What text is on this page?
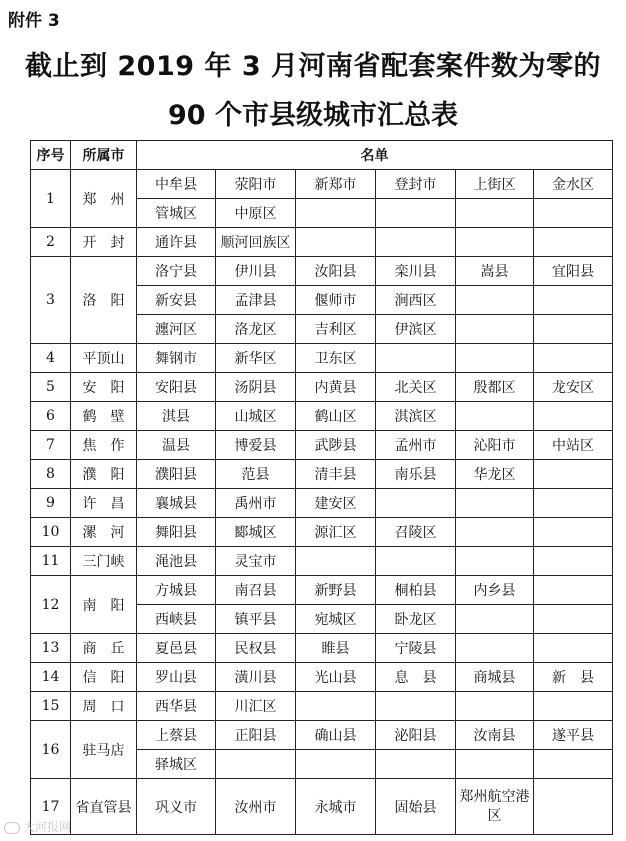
附件 3
截止到 2019 年 3 月河南省配套案件数为零的
90 个市县级城市汇总表
序号	所属市	名单					
1	郑　州	中牟县	荥阳市	新郑市	登封市	上街区	金水区
		管城区	中原区				
2	开　封	通许县	顺河回族区				
3	洛　阳	洛宁县	伊川县	汝阳县	栾川县	嵩县	宜阳县
		新安县	孟津县	偃师市	涧西区		
		瀍河区	洛龙区	吉利区	伊滨区		
4	平顶山	舞钢市	新华区	卫东区			
5	安　阳	安阳县	汤阴县	内黄县	北关区	殷都区	龙安区
6	鹤　壁	淇县	山城区	鹤山区	淇滨区		
7	焦　作	温县	博爱县	武陟县	孟州市	沁阳市	中站区
8	濮　阳	濮阳县	范县	清丰县	南乐县	华龙区	
9	许　昌	襄城县	禹州市	建安区			
10	漯　河	舞阳县	郾城区	源汇区	召陵区		
11	三门峡	渑池县	灵宝市				
12	南　阳	方城县	南召县	新野县	桐柏县	内乡县	
		西峡县	镇平县	宛城区	卧龙区		
13	商　丘	夏邑县	民权县	睢县	宁陵县		
14	信　阳	罗山县	潢川县	光山县	息　县	商城县	新　县
15	周　口	西华县	川汇区				
16	驻马店	上蔡县	正阳县	确山县	泌阳县	汝南县	遂平县
		驿城区					
17	省直管县	巩义市	汝州市	永城市	固始县	郑州航空港区	
大河报网
